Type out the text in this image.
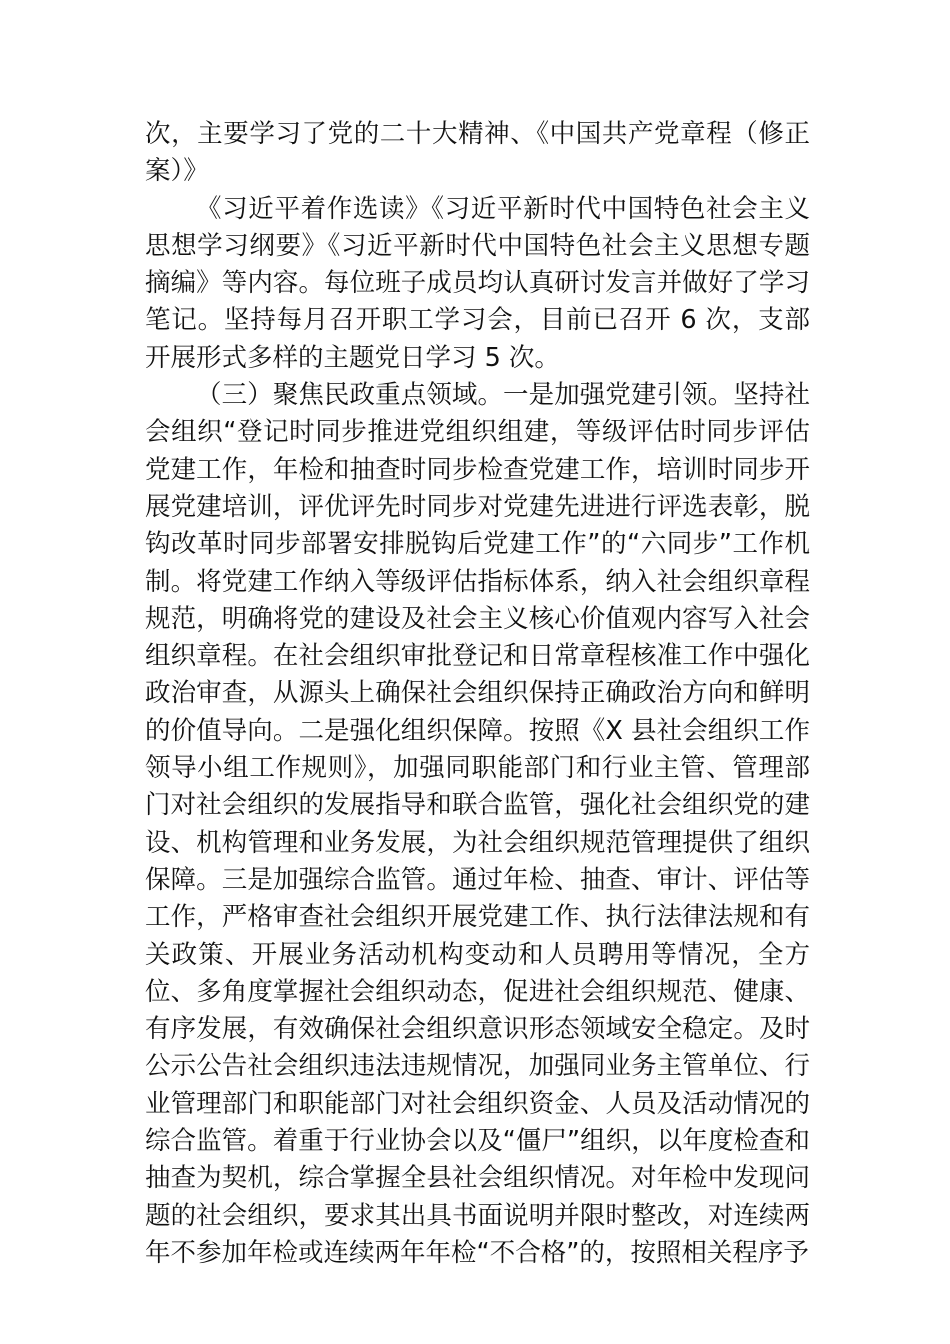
次，主要学习了党的二十大精神、《中国共产党章程（修正案）》

《习近平着作选读》《习近平新时代中国特色社会主义思想学习纲要》《习近平新时代中国特色社会主义思想专题摘编》等内容。每位班子成员均认真研讨发言并做好了学习笔记。坚持每月召开职工学习会，目前已召开 6 次，支部开展形式多样的主题党日学习 5 次。

（三）聚焦民政重点领域。一是加强党建引领。坚持社会组织“登记时同步推进党组织组建，等级评估时同步评估党建工作，年检和抽查时同步检查党建工作，培训时同步开展党建培训，评优评先时同步对党建先进进行评选表彰，脱钩改革时同步部署安排脱钩后党建工作”的“六同步”工作机制。将党建工作纳入等级评估指标体系，纳入社会组织章程规范，明确将党的建设及社会主义核心价值观内容写入社会组织章程。在社会组织审批登记和日常章程核准工作中强化政治审查，从源头上确保社会组织保持正确政治方向和鲜明的价值导向。二是强化组织保障。按照《X 县社会组织工作领导小组工作规则》，加强同职能部门和行业主管、管理部门对社会组织的发展指导和联合监管，强化社会组织党的建设、机构管理和业务发展，为社会组织规范管理提供了组织保障。三是加强综合监管。通过年检、抽查、审计、评估等工作，严格审查社会组织开展党建工作、执行法律法规和有关政策、开展业务活动机构变动和人员聘用等情况，全方位、多角度掌握社会组织动态，促进社会组织规范、健康、有序发展，有效确保社会组织意识形态领域安全稳定。及时公示公告社会组织违法违规情况，加强同业务主管单位、行业管理部门和职能部门对社会组织资金、人员及活动情况的综合监管。着重于行业协会以及“僵尸”组织，以年度检查和抽查为契机，综合掌握全县社会组织情况。对年检中发现问题的社会组织，要求其出具书面说明并限时整改，对连续两年不参加年检或连续两年年检“不合格”的，按照相关程序予
